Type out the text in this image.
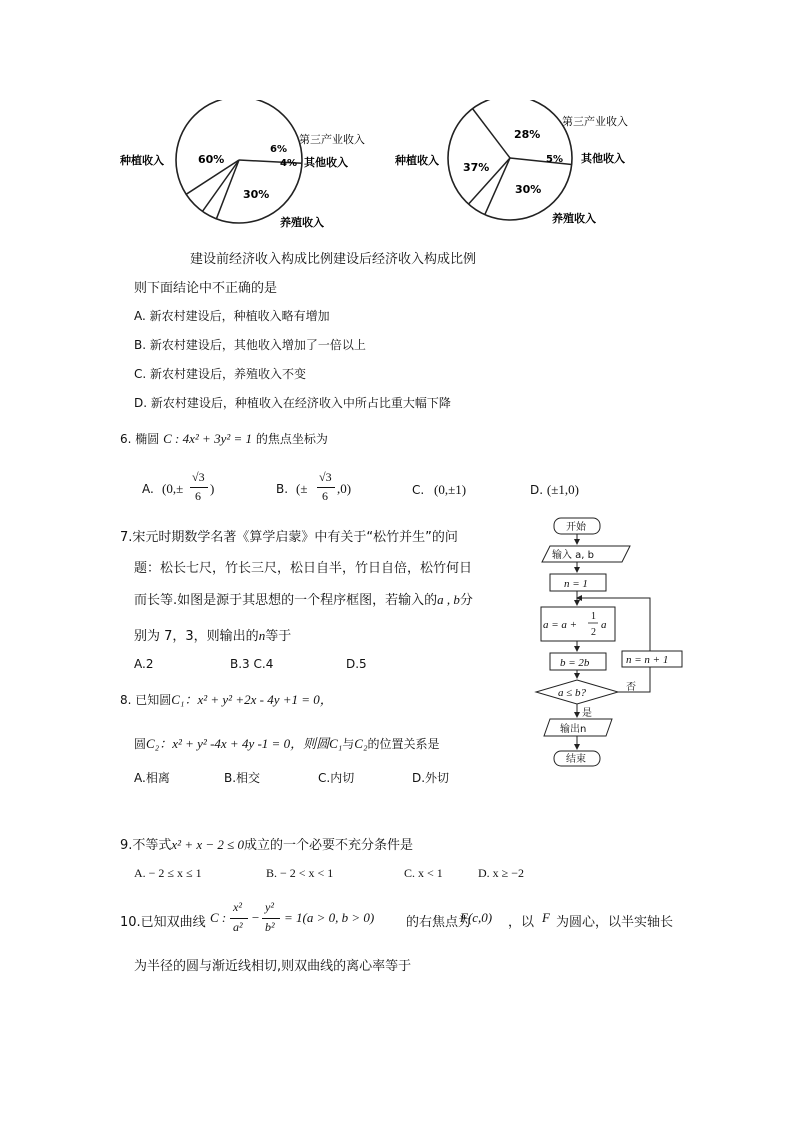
种植收入	60%
6%
4%
30%
第三产业收入
其他收入
养殖收入
种植收入
37%
28%
5%
30%
第三产业收入
其他收入
养殖收入
建设前经济收入构成比例建设后经济收入构成比例
则下面结论中不正确的是
A. 新农村建设后，种植收入略有增加
B. 新农村建设后，其他收入增加了一倍以上
C. 新农村建设后，养殖收入不变
D. 新农村建设后，种植收入在经济收入中所占比重大幅下降
6. 椭圆 C : 4x² + 3y² = 1 的焦点坐标为
A. (0,±
√3
6 )	B. (±
√3
6 ,0)	C. (0,±1)	D. (±1,0)
7.宋元时期数学名著《算学启蒙》中有关于“松竹并生”的问
题：松长七尺，竹长三尺，松日自半，竹日自倍，松竹何日
而长等.如图是源于其思想的一个程序框图，若输入的a , b分
别为 7，3，则输出的n等于
A.2	B.3 C.4	D.5
开始
输入 a, b
n = 1
a = a +
1
2
a
b = 2b	n = n + 1
a ≤ b?	否
是
输出n
结束
8. 已知圆C₁：x² + y² +2x - 4y +1 = 0，
圆C₂：x² + y² -4x + 4y -1 = 0，则圆C₁与C₂的位置关系是
A.相离	B.相交	C.内切	D.外切
9.不等式x² + x − 2 ≤ 0成立的一个必要不充分条件是
A. − 2 ≤ x ≤ 1	B. − 2 < x < 1	C. x < 1	D. x ≥ −2
10.已知双曲线 C :
x²
a²
−
y²
b²
= 1(a > 0, b > 0) 的右焦点为
F(c,0) ，以 F 为圆心，以半实轴长
为半径的圆与渐近线相切,则双曲线的离心率等于
